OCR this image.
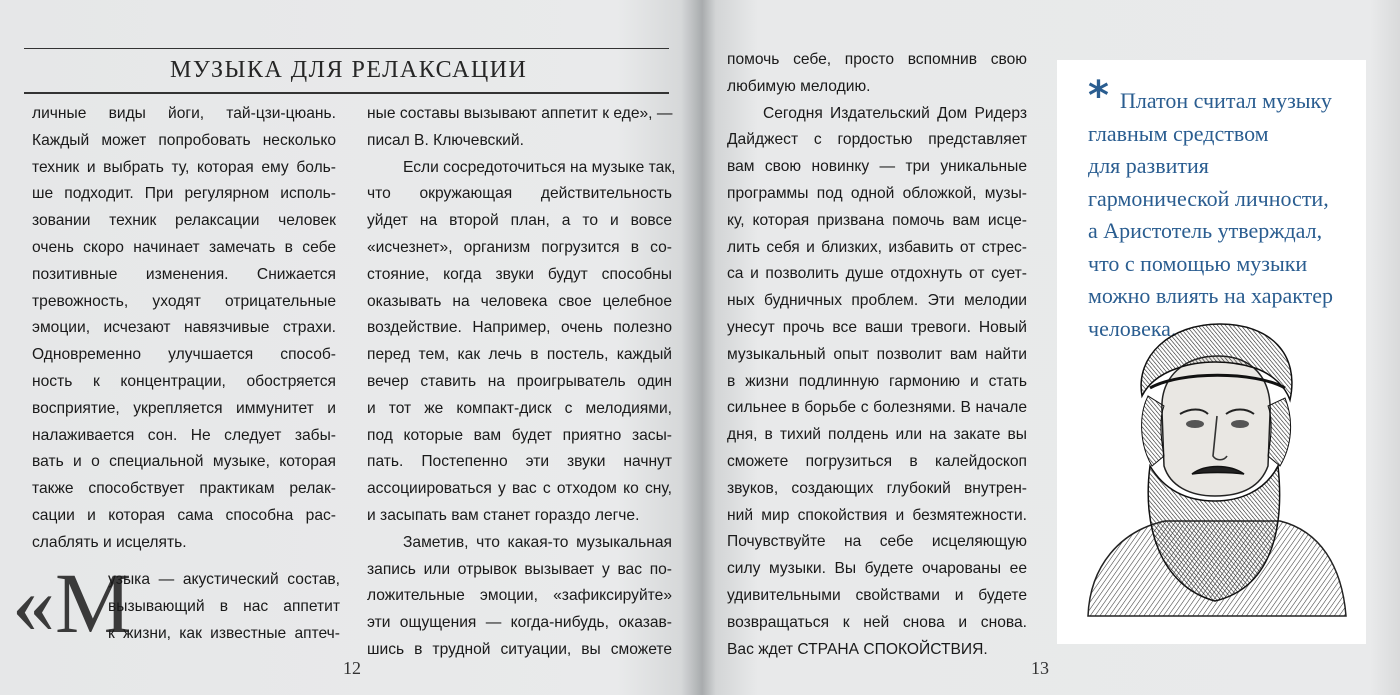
МУЗЫКА ДЛЯ РЕЛАКСАЦИИ
личные виды йоги, тай-цзи-цюань.
Каждый может попробовать несколько
техник и выбрать ту, которая ему боль-
ше подходит. При регулярном исполь-
зовании техник релаксации человек
очень скоро начинает замечать в себе
позитивные изменения. Снижается
тревожность, уходят отрицательные
эмоции, исчезают навязчивые страхи.
Одновременно улучшается способ-
ность к концентрации, обостряется
восприятие, укрепляется иммунитет и
налаживается сон. Не следует забы-
вать и о специальной музыке, которая
также способствует практикам релак-
сации и которая сама способна рас-
слаблять и исцелять.
«М
узыка — акустический состав,
вызывающий в нас аппетит
к жизни, как известные аптеч-
ные составы вызывают аппетит к еде», —
писал В. Ключевский.
Если сосредоточиться на музыке так,
что окружающая действительность
уйдет на второй план, а то и вовсе
«исчезнет», организм погрузится в со-
стояние, когда звуки будут способны
оказывать на человека свое целебное
воздействие. Например, очень полезно
перед тем, как лечь в постель, каждый
вечер ставить на проигрыватель один
и тот же компакт-диск с мелодиями,
под которые вам будет приятно засы-
пать. Постепенно эти звуки начнут
ассоциироваться у вас с отходом ко сну,
и засыпать вам станет гораздо легче.
Заметив, что какая-то музыкальная
запись или отрывок вызывает у вас по-
ложительные эмоции, «зафиксируйте»
эти ощущения — когда-нибудь, оказав-
шись в трудной ситуации, вы сможете
12
помочь себе, просто вспомнив свою
любимую мелодию.
Сегодня Издательский Дом Ридерз
Дайджест с гордостью представляет
вам свою новинку — три уникальные
программы под одной обложкой, музы-
ку, которая призвана помочь вам исце-
лить себя и близких, избавить от стрес-
са и позволить душе отдохнуть от сует-
ных будничных проблем. Эти мелодии
унесут прочь все ваши тревоги. Новый
музыкальный опыт позволит вам найти
в жизни подлинную гармонию и стать
сильнее в борьбе с болезнями. В начале
дня, в тихий полдень или на закате вы
сможете погрузиться в калейдоскоп
звуков, создающих глубокий внутрен-
ний мир спокойствия и безмятежности.
Почувствуйте на себе исцеляющую
силу музыки. Вы будете очарованы ее
удивительными свойствами и будете
возвращаться к ней снова и снова.
Вас ждет СТРАНА СПОКОЙСТВИЯ.
* Платон считал музыку
главным средством
для развития
гармонической личности,
а Аристотель утверждал,
что с помощью музыки
можно влиять на характер
человека.
13
